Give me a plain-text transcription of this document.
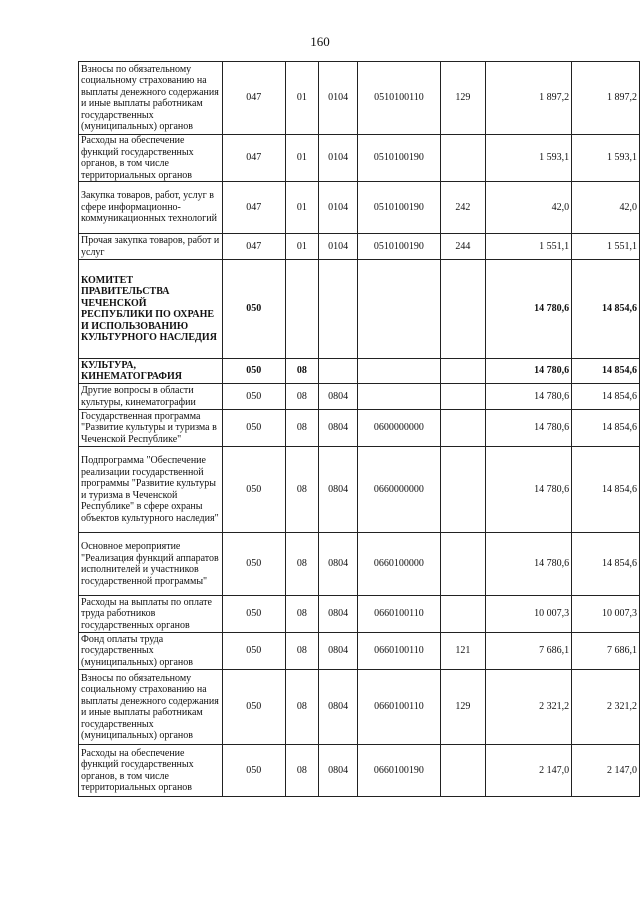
160
Взносы по обязательному социальному страхованию на выплаты денежного содержания и иные выплаты работникам государственных (муниципальных) органов	047	01	0104	0510100110	129	1 897,2	1 897,2
Расходы на обеспечение функций государственных органов, в том числе территориальных органов	047	01	0104	0510100190		1 593,1	1 593,1
Закупка товаров, работ, услуг в сфере информационно-коммуникационных технологий	047	01	0104	0510100190	242	42,0	42,0
Прочая закупка товаров, работ и услуг	047	01	0104	0510100190	244	1 551,1	1 551,1
КОМИТЕТ ПРАВИТЕЛЬСТВА ЧЕЧЕНСКОЙ РЕСПУБЛИКИ ПО ОХРАНЕ И ИСПОЛЬЗОВАНИЮ КУЛЬТУРНОГО НАСЛЕДИЯ	050					14 780,6	14 854,6
КУЛЬТУРА, КИНЕМАТОГРАФИЯ	050	08				14 780,6	14 854,6
Другие вопросы в области культуры, кинематографии	050	08	0804			14 780,6	14 854,6
Государственная программа "Развитие культуры и туризма в Чеченской Республике"	050	08	0804	0600000000		14 780,6	14 854,6
Подпрограмма "Обеспечение реализации государственной программы "Развитие культуры и туризма в Чеченской Республике" в сфере охраны объектов культурного наследия"	050	08	0804	0660000000		14 780,6	14 854,6
Основное мероприятие "Реализация функций аппаратов исполнителей и участников государственной программы"	050	08	0804	0660100000		14 780,6	14 854,6
Расходы на выплаты по оплате труда работников государственных органов	050	08	0804	0660100110		10 007,3	10 007,3
Фонд оплаты труда государственных (муниципальных) органов	050	08	0804	0660100110	121	7 686,1	7 686,1
Взносы по обязательному социальному страхованию на выплаты денежного содержания и иные выплаты работникам государственных (муниципальных) органов	050	08	0804	0660100110	129	2 321,2	2 321,2
Расходы на обеспечение функций государственных органов, в том числе территориальных органов	050	08	0804	0660100190		2 147,0	2 147,0
